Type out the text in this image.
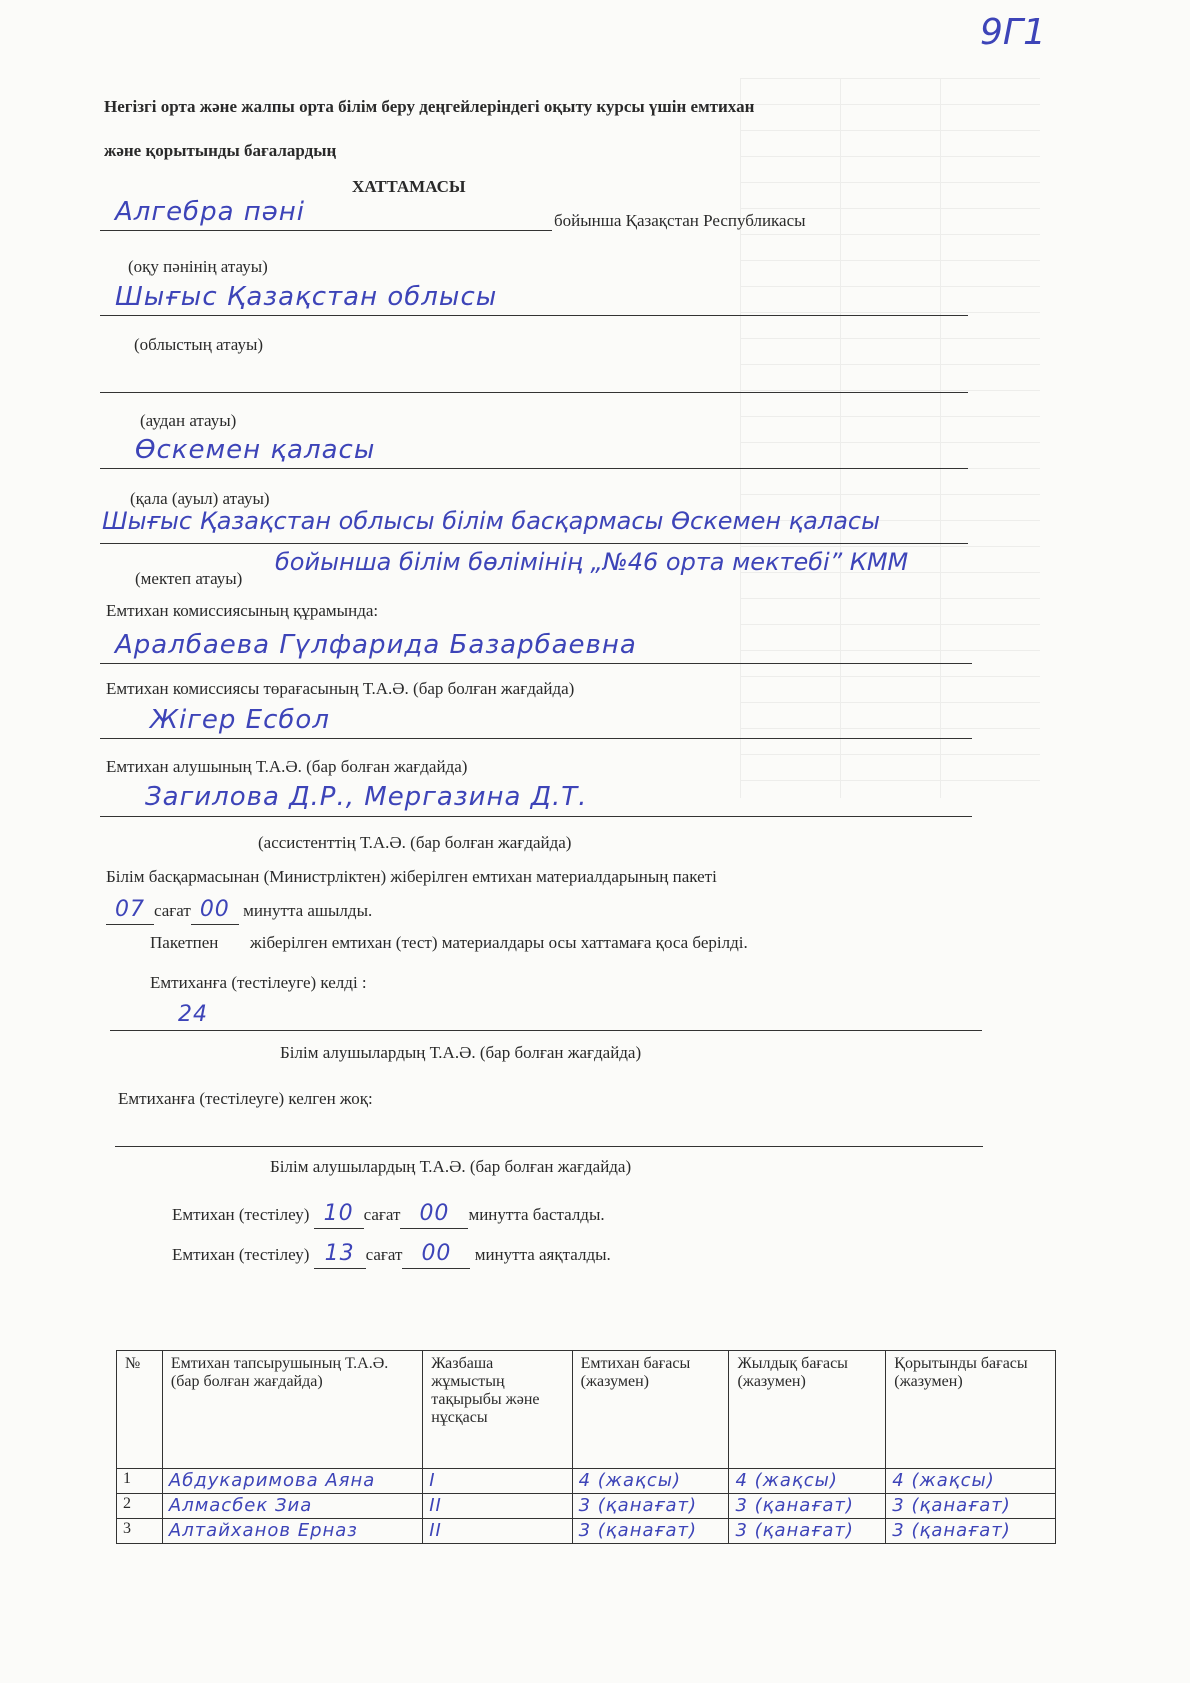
9Г1
Негізгі орта және жалпы орта білім беру деңгейлеріндегі оқыту курсы үшін емтихан
және қорытынды бағалардың
ХАТТАМАСЫ
Алгебра пәні	бойынша Қазақстан Республикасы
(оқу пәнінің атауы)
Шығыс Қазақстан облысы
(облыстың атауы)
(аудан атауы)
Өскемен қаласы
(қала (ауыл) атауы)
Шығыс Қазақстан облысы білім басқармасы Өскемен қаласы
(мектеп атауы)
бойынша білім бөлімінің „№46 орта мектебі” КММ
Емтихан комиссиясының құрамында:
Аралбаева Гүлфарида Базарбаевна
Емтихан комиссиясы төрағасының Т.А.Ә. (бар болған жағдайда)
Жігер Есбол
Емтихан алушының Т.А.Ә. (бар болған жағдайда)
Загилова Д.Р., Мергазина Д.Т.
(ассистенттің Т.А.Ә. (бар болған жағдайда)
Білім басқармасынан (Министрліктен) жіберілген емтихан материалдарының пакеті
07 сағат 00 минутта ашылды.
Пакетпен жіберілген емтихан (тест) материалдары осы хаттамаға қоса берілді.
Емтиханға (тестілеуге) келді :
24
Білім алушылардың Т.А.Ә. (бар болған жағдайда)
Емтиханға (тестілеуге) келген жоқ:
Білім алушылардың Т.А.Ә. (бар болған жағдайда)
Емтихан (тестілеу) 10 сағат 00 минутта басталды.
Емтихан (тестілеу) 13 сағат 00 минутта аяқталды.
№	Емтихан тапсырушының Т.А.Ә. (бар болған жағдайда)	Жазбаша жұмыстың тақырыбы және нұсқасы	Емтихан бағасы (жазумен)	Жылдық бағасы (жазумен)	Қорытынды бағасы (жазумен)
1	Абдукаримова Аяна	I	4 (жақсы)	4 (жақсы)	4 (жақсы)
2	Алмасбек Зиа	II	3 (қанағат)	3 (қанағат)	3 (қанағат)
3	Алтайханов Ерназ	II	3 (қанағат)	3 (қанағат)	3 (қанағат)
